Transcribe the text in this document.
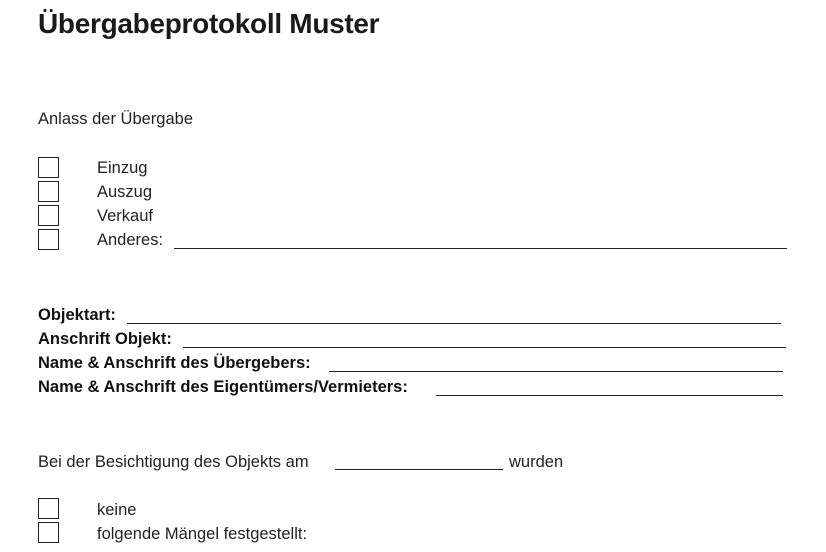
Übergabeprotokoll Muster
Anlass der Übergabe
Einzug
Auszug
Verkauf
Anderes:
Objektart:
Anschrift Objekt:
Name & Anschrift des Übergebers:
Name & Anschrift des Eigentümers/Vermieters:
Bei der Besichtigung des Objekts am	wurden
keine
folgende Mängel festgestellt:
